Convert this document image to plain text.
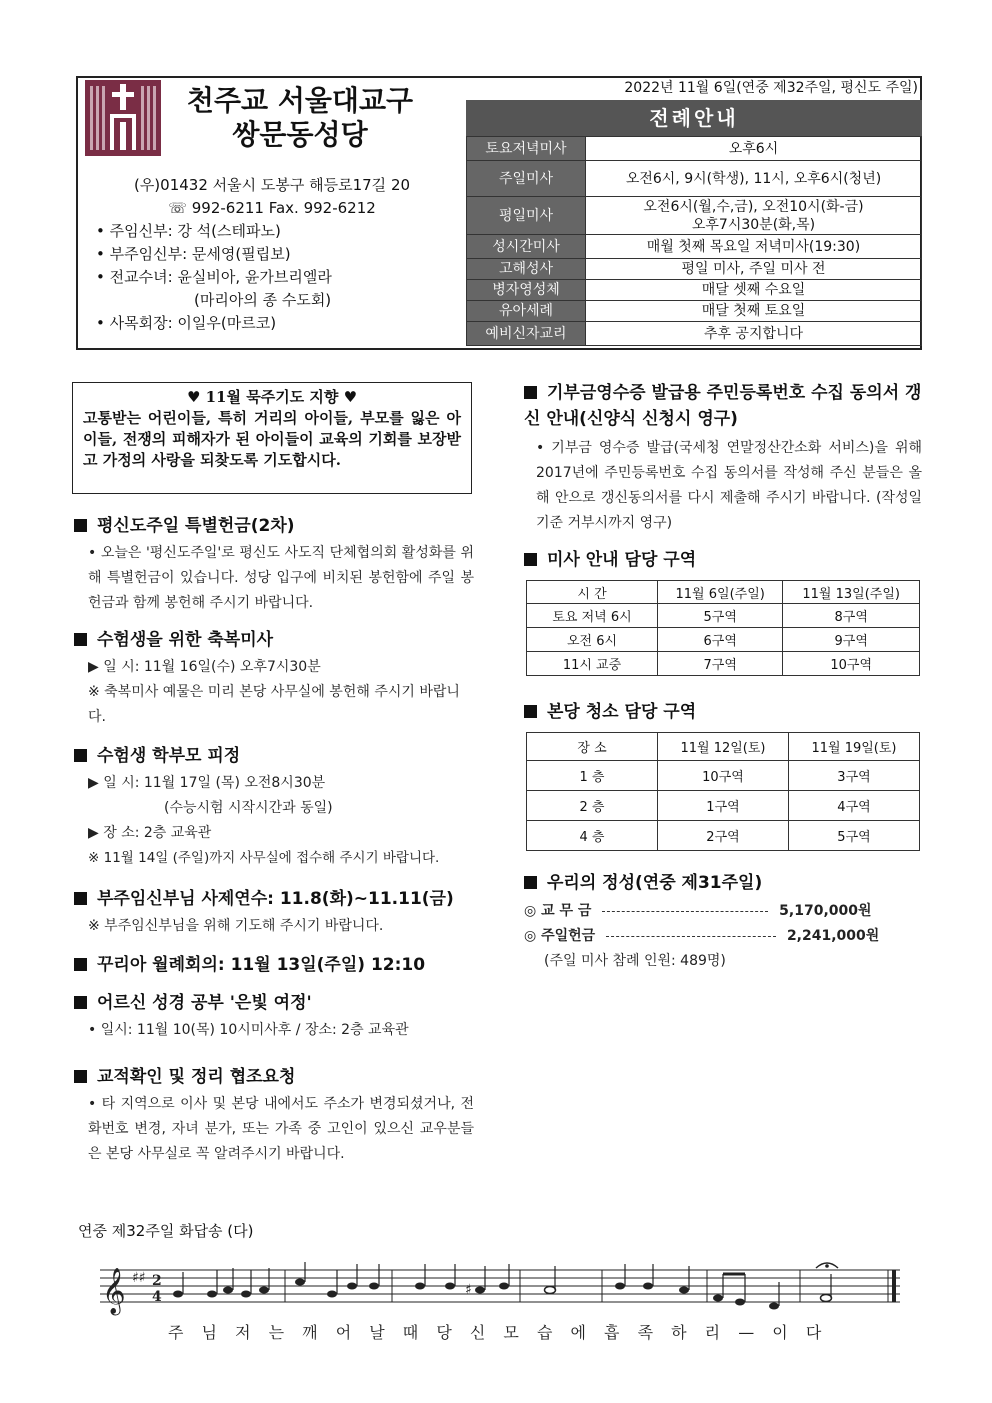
천주교 서울대교구
쌍문동성당
(우)01432 서울시 도봉구 해등로17길 20
☏ 992-6211 Fax. 992-6212
• 주임신부: 강 석(스테파노)
• 부주임신부: 문세영(필립보)
• 전교수녀: 윤실비아, 윤가브리엘라
(마리아의 종 수도회)
• 사목회장: 이일우(마르코)
2022년 11월 6일(연중 제32주일, 평신도 주일)
전례안내
토요저녁미사	오후6시
주일미사	오전6시, 9시(학생), 11시, 오후6시(청년)
평일미사	오전6시(월,수,금), 오전10시(화-금)
오후7시30분(화,목)

성시간미사	매월 첫째 목요일 저녁미사(19:30)
고해성사	평일 미사, 주일 미사 전
병자영성체	매달 셋째 수요일
유아세례	매달 첫째 토요일
예비신자교리	추후 공지합니다
♥ 11월 묵주기도 지향 ♥
고통받는 어린이들, 특히 거리의 아이들, 부모를 잃은 아이들, 전쟁의 피해자가 된 아이들이 교육의 기회를 보장받고 가정의 사랑을 되찾도록 기도합시다.
평신도주일 특별헌금(2차)
• 오늘은 '평신도주일'로 평신도 사도직 단체협의회 활성화를 위해 특별헌금이 있습니다. 성당 입구에 비치된 봉헌함에 주일 봉헌금과 함께 봉헌해 주시기 바랍니다.
수험생을 위한 축복미사
▶ 일 시: 11월 16일(수) 오후7시30분
※ 축복미사 예물은 미리 본당 사무실에 봉헌해 주시기 바랍니다.
수험생 학부모 피정
▶ 일 시: 11월 17일 (목) 오전8시30분
(수능시험 시작시간과 동일)
▶ 장 소: 2층 교육관
※ 11월 14일 (주일)까지 사무실에 접수해 주시기 바랍니다.
부주임신부님 사제연수: 11.8(화)~11.11(금)
※ 부주임신부님을 위해 기도해 주시기 바랍니다.
꾸리아 월례회의: 11월 13일(주일) 12:10
어르신 성경 공부 '은빛 여정'
• 일시: 11월 10(목) 10시미사후 / 장소: 2층 교육관
교적확인 및 정리 협조요청
• 타 지역으로 이사 및 본당 내에서도 주소가 변경되셨거나, 전화번호 변경, 자녀 분가, 또는 가족 중 고인이 있으신 교우분들은 본당 사무실로 꼭 알려주시기 바랍니다.
기부금영수증 발급용 주민등록번호 수집 동의서 갱신 안내(신양식 신청시 영구)
• 기부금 영수증 발급(국세청 연말정산간소화 서비스)을 위해 2017년에 주민등록번호 수집 동의서를 작성해 주신 분들은 올해 안으로 갱신동의서를 다시 제출해 주시기 바랍니다. (작성일기준 거부시까지 영구)
미사 안내 담당 구역
시 간	11월 6일(주일)	11월 13일(주일)
토요 저녁 6시	5구역	8구역
오전 6시	6구역	9구역
11시 교중	7구역	10구역
본당 청소 담당 구역
장 소	11월 12일(토)	11월 19일(토)
1 층	10구역	3구역
2 층	1구역	4구역
4 층	2구역	5구역
우리의 정성(연중 제31주일)
◎ 교 무 금	5,170,000원
◎ 주일헌금	2,241,000원
(주일 미사 참례 인원: 489명)
연중 제32주일 화답송 (다)
𝄞 ♯♯ 2
4	♯
주 님 저 는 깨 어 날 때 당 신 모 습 에 흡 족 하 리 — 이 다
